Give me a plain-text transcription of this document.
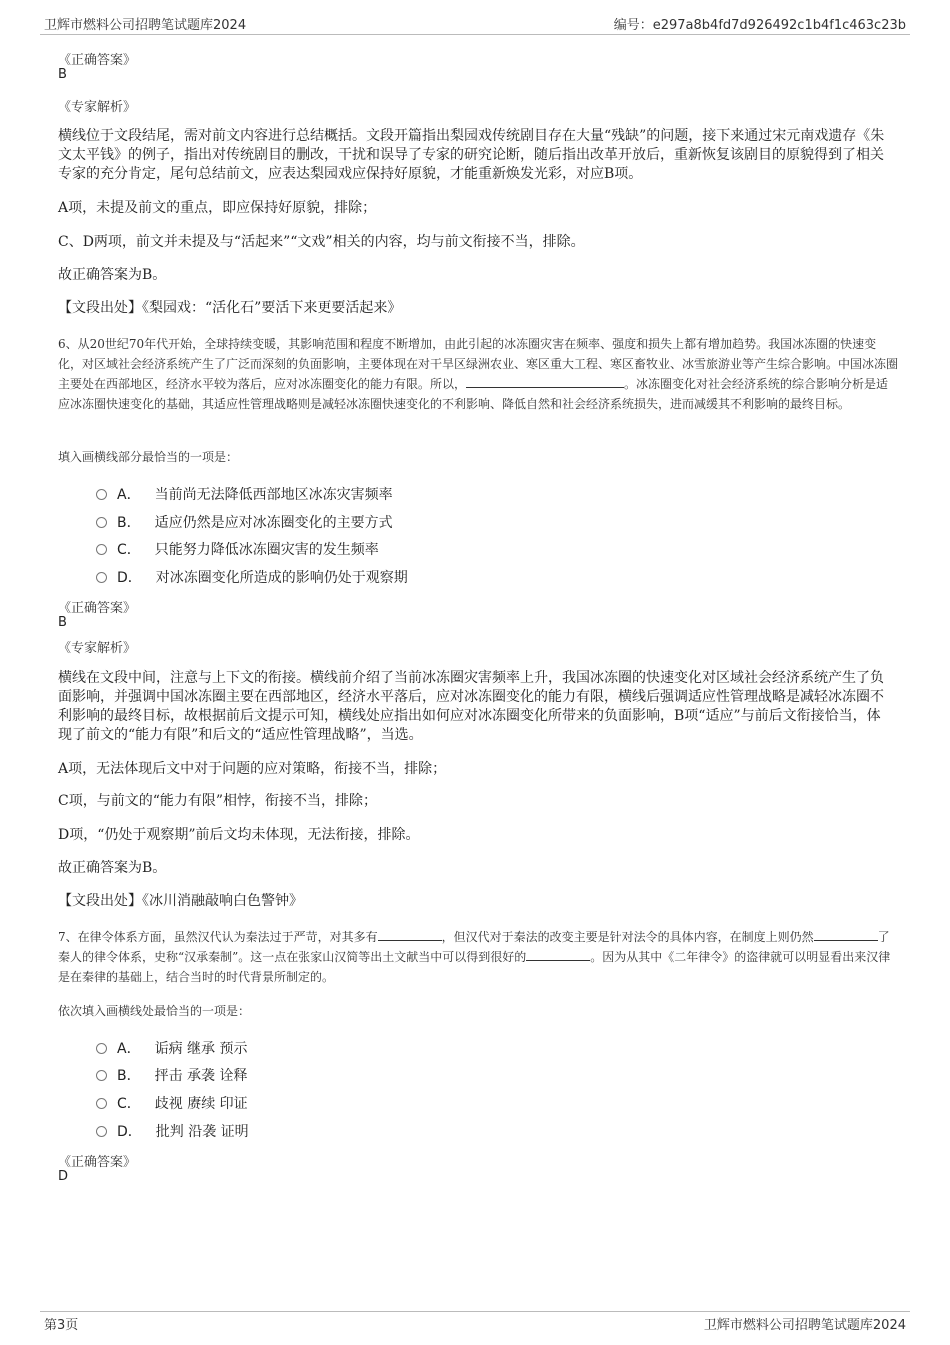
卫辉市燃料公司招聘笔试题库2024	编号：e297a8b4fd7d926492c1b4f1c463c23b
《正确答案》
B
《专家解析》
横线位于文段结尾，需对前文内容进行总结概括。文段开篇指出梨园戏传统剧目存在大量“残缺”的问题，接下来通过宋元南戏遗存《朱文太平钱》的例子，指出对传统剧目的删改，干扰和误导了专家的研究论断，随后指出改革开放后，重新恢复该剧目的原貌得到了相关专家的充分肯定，尾句总结前文，应表达梨园戏应保持好原貌，才能重新焕发光彩，对应B项。
A项，未提及前文的重点，即应保持好原貌，排除；
C、D两项，前文并未提及与“活起来”“文戏”相关的内容，均与前文衔接不当，排除。
故正确答案为B。
【文段出处】《梨园戏：“活化石”要活下来更要活起来》
6、从20世纪70年代开始，全球持续变暖，其影响范围和程度不断增加，由此引起的冰冻圈灾害在频率、强度和损失上都有增加趋势。我国冰冻圈的快速变化，对区域社会经济系统产生了广泛而深刻的负面影响，主要体现在对干旱区绿洲农业、寒区重大工程、寒区畜牧业、冰雪旅游业等产生综合影响。中国冰冻圈主要处在西部地区，经济水平较为落后，应对冰冻圈变化的能力有限。所以，	。冰冻圈变化对社会经济系统的综合影响分析是适应冰冻圈快速变化的基础，其适应性管理战略则是减轻冰冻圈快速变化的不利影响、降低自然和社会经济系统损失，进而减缓其不利影响的最终目标。
填入画横线部分最恰当的一项是：
A． 当前尚无法降低西部地区冰冻灾害频率
B． 适应仍然是应对冰冻圈变化的主要方式
C． 只能努力降低冰冻圈灾害的发生频率
D． 对冰冻圈变化所造成的影响仍处于观察期
《正确答案》
B
《专家解析》
横线在文段中间，注意与上下文的衔接。横线前介绍了当前冰冻圈灾害频率上升，我国冰冻圈的快速变化对区域社会经济系统产生了负面影响，并强调中国冰冻圈主要在西部地区，经济水平落后，应对冰冻圈变化的能力有限，横线后强调适应性管理战略是减轻冰冻圈不利影响的最终目标，故根据前后文提示可知，横线处应指出如何应对冰冻圈变化所带来的负面影响，B项“适应”与前后文衔接恰当，体现了前文的“能力有限”和后文的“适应性管理战略”，当选。
A项，无法体现后文中对于问题的应对策略，衔接不当，排除；
C项，与前文的“能力有限”相悖，衔接不当，排除；
D项，“仍处于观察期”前后文均未体现，无法衔接，排除。
故正确答案为B。
【文段出处】《冰川消融敲响白色警钟》
7、在律令体系方面，虽然汉代认为秦法过于严苛，对其多有	，但汉代对于秦法的改变主要是针对法令的具体内容，在制度上则仍然	了秦人的律令体系，史称“汉承秦制”。这一点在张家山汉简等出土文献当中可以得到很好的	。因为从其中《二年律令》的盗律就可以明显看出来汉律是在秦律的基础上，结合当时的时代背景所制定的。
依次填入画横线处最恰当的一项是：
A． 诟病 继承 预示
B． 抨击 承袭 诠释
C． 歧视 赓续 印证
D． 批判 沿袭 证明
《正确答案》
D
第3页	卫辉市燃料公司招聘笔试题库2024
